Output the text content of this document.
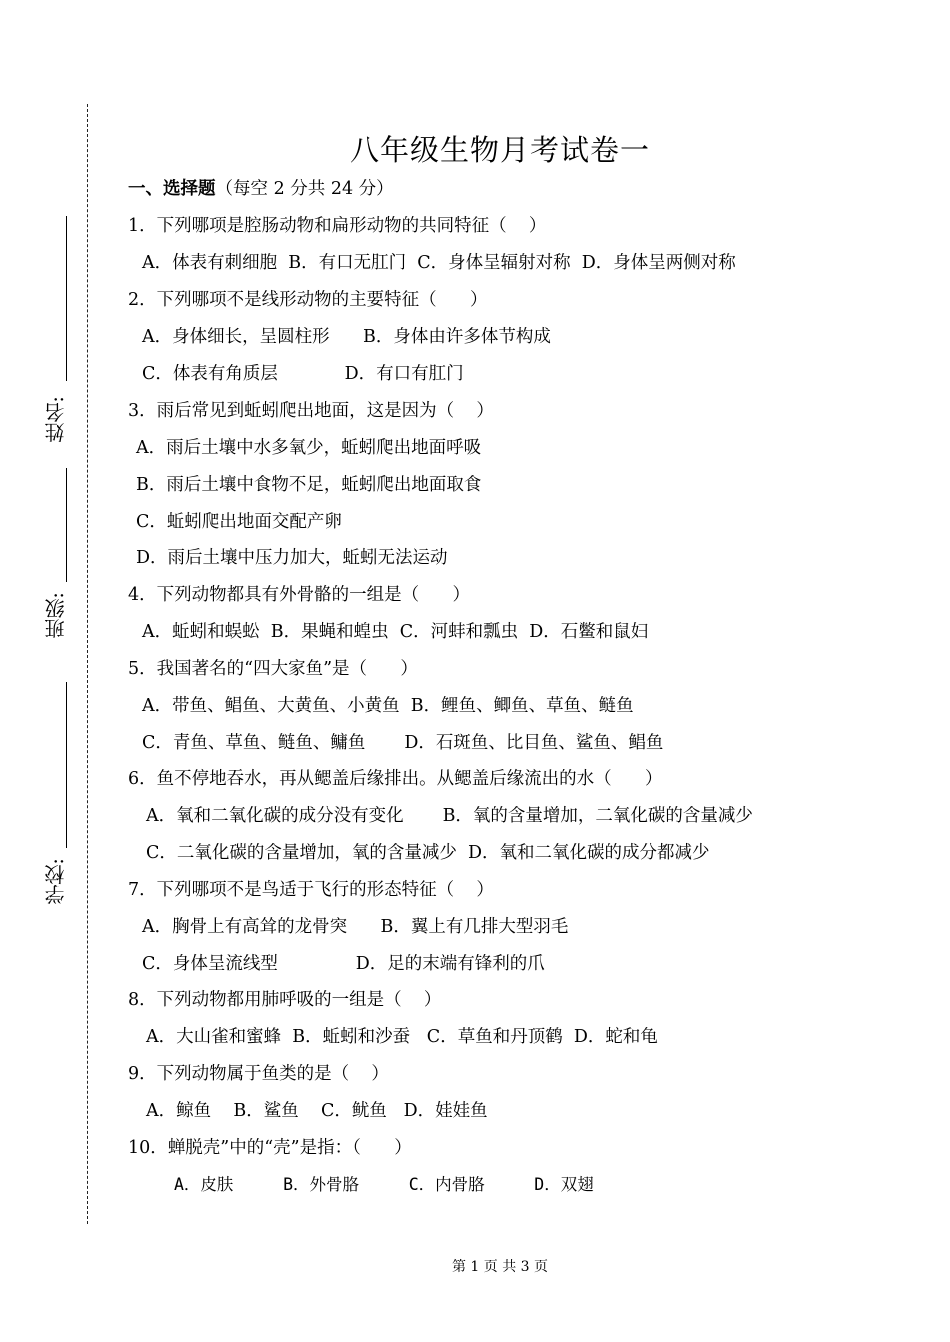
姓名:
班级:
学校:
八年级生物月考试卷一
一、选择题（每空 2 分共 24 分）
1．下列哪项是腔肠动物和扁形动物的共同特征（    ）
A．体表有刺细胞  B．有口无肛门  C．身体呈辐射对称  D．身体呈两侧对称
2．下列哪项不是线形动物的主要特征（      ）
A．身体细长，呈圆柱形      B．身体由许多体节构成
C．体表有角质层            D．有口有肛门
3．雨后常见到蚯蚓爬出地面，这是因为（    ）
A．雨后土壤中水多氧少，蚯蚓爬出地面呼吸
B．雨后土壤中食物不足，蚯蚓爬出地面取食
C．蚯蚓爬出地面交配产卵
D．雨后土壤中压力加大，蚯蚓无法运动
4．下列动物都具有外骨骼的一组是（      ）
A．蚯蚓和蜈蚣  B．果蝇和蝗虫  C．河蚌和瓢虫  D．石鳖和鼠妇
5．我国著名的“四大家鱼”是（      ）
A．带鱼、鲳鱼、大黄鱼、小黄鱼  B．鲤鱼、鲫鱼、草鱼、鲢鱼
C．青鱼、草鱼、鲢鱼、鳙鱼       D．石斑鱼、比目鱼、鲨鱼、鲳鱼
6．鱼不停地吞水，再从鳃盖后缘排出。从鳃盖后缘流出的水（      ）
A．氧和二氧化碳的成分没有变化       B．氧的含量增加，二氧化碳的含量减少
C．二氧化碳的含量增加，氧的含量减少  D．氧和二氧化碳的成分都减少
7．下列哪项不是鸟适于飞行的形态特征（    ）
A．胸骨上有高耸的龙骨突      B．翼上有几排大型羽毛
C．身体呈流线型              D．足的末端有锋利的爪
8．下列动物都用肺呼吸的一组是（    ）
A．大山雀和蜜蜂  B．蚯蚓和沙蚕   C．草鱼和丹顶鹤  D．蛇和龟
9．下列动物属于鱼类的是（    ）
A．鲸鱼    B．鲨鱼    C．鱿鱼   D．娃娃鱼
10．蝉脱壳”中的“壳”是指：（      ）
A．皮肤     B．外骨胳     C．内骨胳     D．双翅
第 1 页 共 3 页
